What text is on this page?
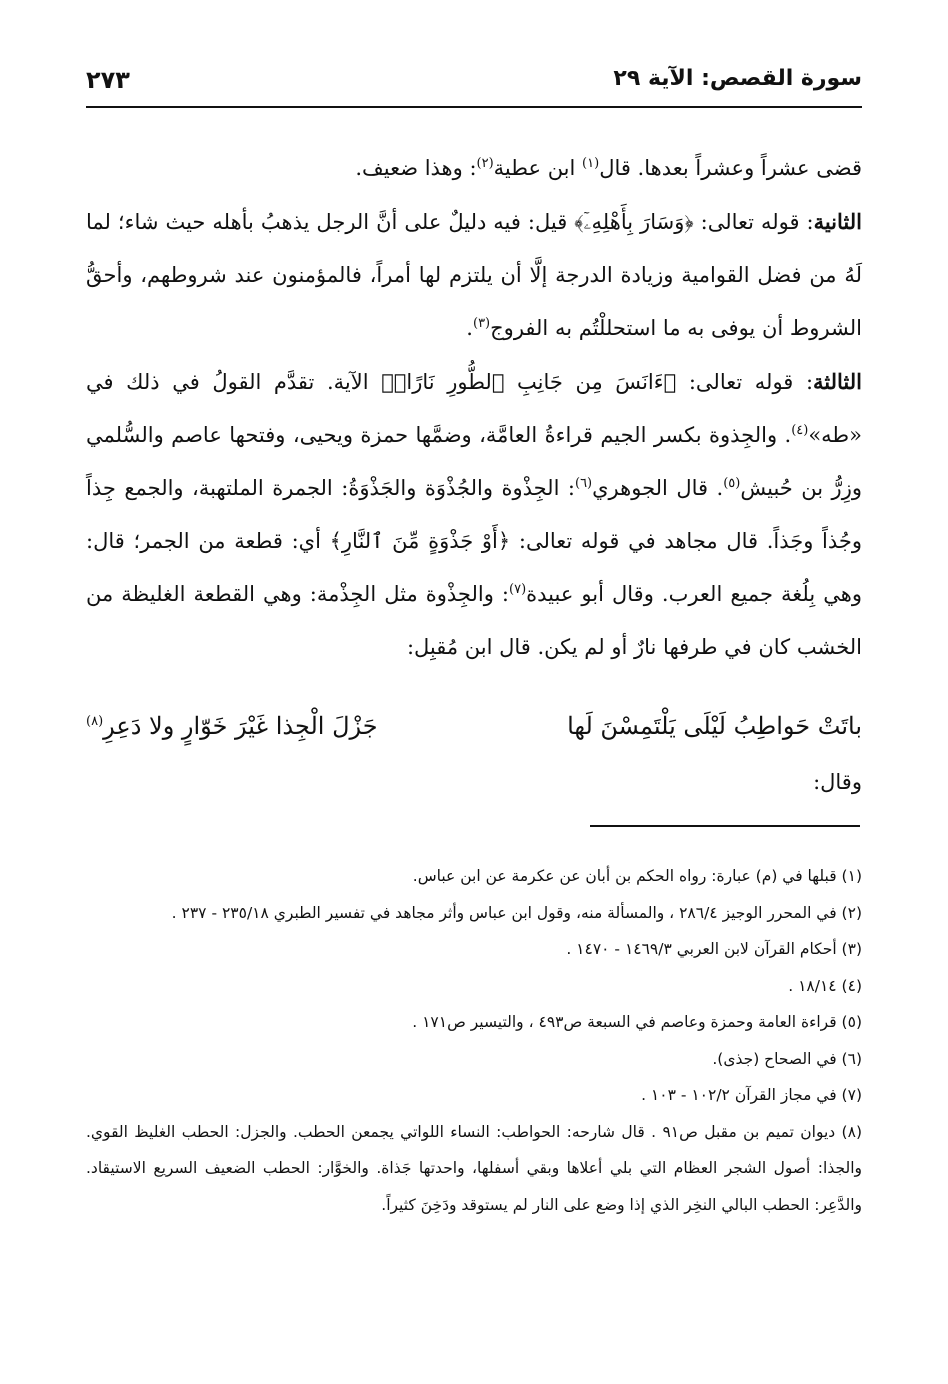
سورة القصص: الآية ٢٩
٢٧٣

قضى عشراً وعشراً بعدها. قال$^{(١)}$ ابن عطية$^{(٢)}$: وهذا ضعيف.

الثانية: قوله تعالى: ﴿وَسَارَ بِأَهْلِهِۦٓ﴾ قيل: فيه دليلٌ على أنَّ الرجل يذهبُ بأهله حيث شاء؛ لما لَهُ من فضل القوامية وزيادة الدرجة إلَّا أن يلتزم لها أمراً، فالمؤمنون عند شروطهم، وأحقُّ الشروط أن يوفى به ما استحللْتُم به الفروج$^{(٣)}$.

الثالثة: قوله تعالى: ﴿ءَانَسَ مِن جَانِبِ ٱلطُّورِ نَارًاۖ﴾ الآية. تقدَّم القولُ في ذلك في «طه»$^{(٤)}$. والجِذوة بكسر الجيم قراءةُ العامَّة، وضمَّها حمزة ويحيى، وفتحها عاصم والسُّلمي وزِرُّ بن حُبيش$^{(٥)}$. قال الجوهري$^{(٦)}$: الجِذْوة والجُذْوَة والجَذْوَةُ: الجمرة الملتهبة، والجمع جِذاً وجُذاً وجَذاً. قال مجاهد في قوله تعالى: ﴿أَوْ جَذْوَةٍ مِّنَ ٱلنَّارِ﴾ أي: قطعة من الجمر؛ قال: وهي بِلُغة جميع العرب. وقال أبو عبيدة$^{(٧)}$: والجِذْوة مثل الجِذْمة: وهي القطعة الغليظة من الخشب كان في طرفها نارٌ أو لم يكن. قال ابن مُقبِل:

باتَتْ حَواطِبُ لَيْلَى يَلْتَمِسْنَ لَها
جَزْلَ الْجِذا غَيْرَ خَوّارٍ ولا دَعِرِ$^{(٨)}$
وقال:

(١) قبلها في (م) عبارة: رواه الحكم بن أبان عن عكرمة عن ابن عباس.

(٢) في المحرر الوجيز ٢٨٦/٤ ، والمسألة منه، وقول ابن عباس وأثر مجاهد في تفسير الطبري ٢٣٥/١٨ - ٢٣٧ .

(٣) أحكام القرآن لابن العربي ١٤٦٩/٣ - ١٤٧٠ .

(٤) ١٨/١٤ .

(٥) قراءة العامة وحمزة وعاصم في السبعة ص٤٩٣ ، والتيسير ص١٧١ .

(٦) في الصحاح (جذى).

(٧) في مجاز القرآن ١٠٢/٢ - ١٠٣ .

(٨) ديوان تميم بن مقبل ص٩١ . قال شارحه: الحواطب: النساء اللواتي يجمعن الحطب. والجزل: الحطب الغليظ القوي. والجذا: أصول الشجر العظام التي بلي أعلاها وبقي أسفلها، واحدتها جَذاة. والخوَّار: الحطب الضعيف السريع الاستيقاد. والدَّعِر: الحطب البالي النخِر الذي إذا وضع على النار لم يستوقد ودَخِنَ كثيراً.
